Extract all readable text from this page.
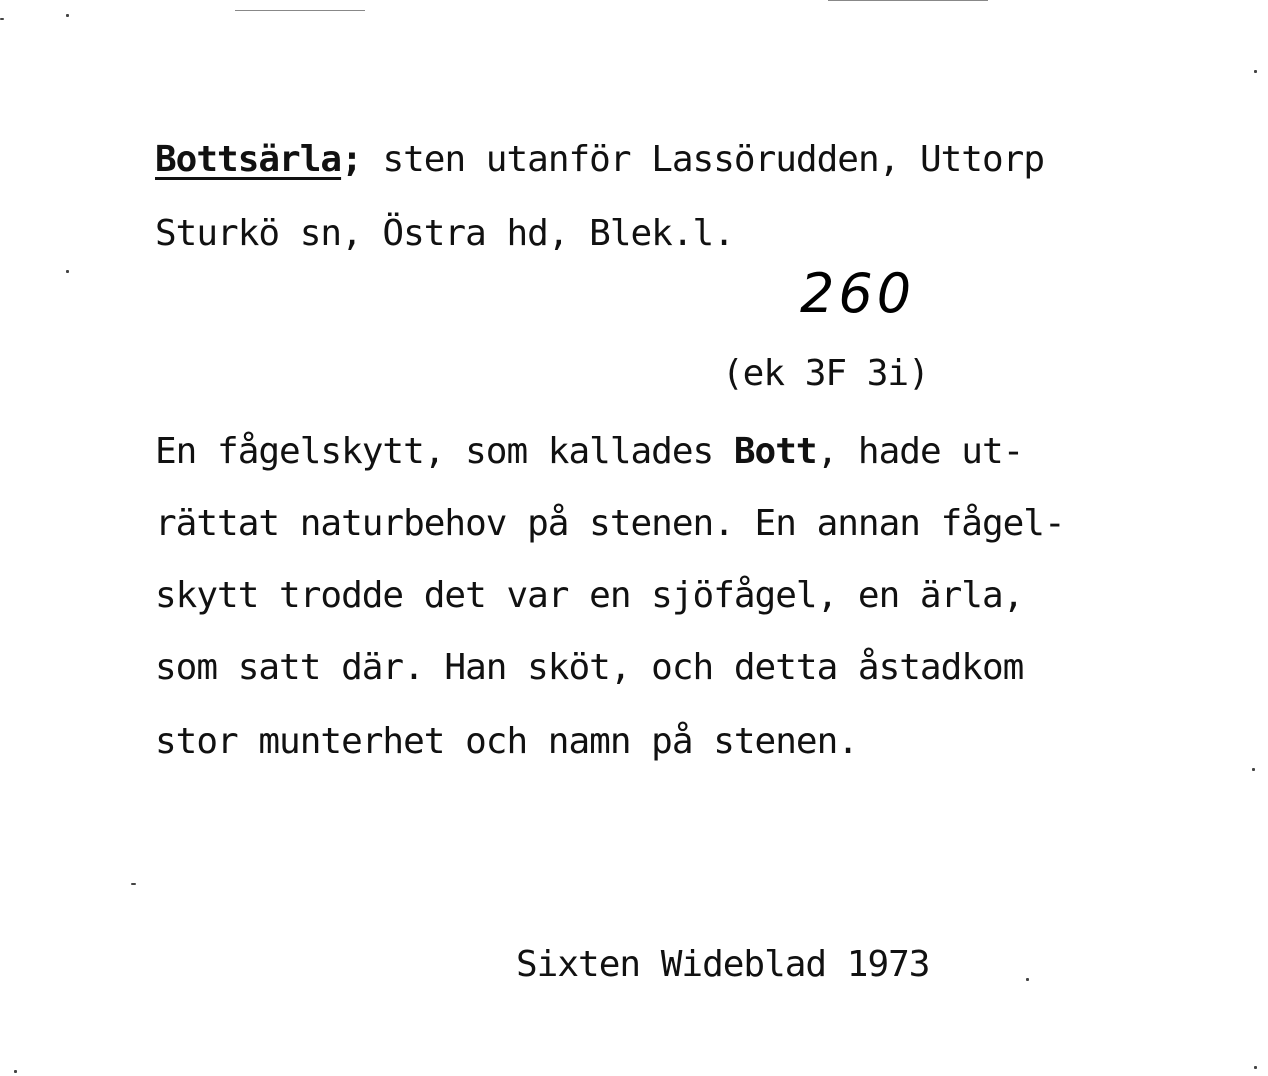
Bottsärla; sten utanför Lassörudden, Uttorp
Sturkö sn, Östra hd, Blek.l.
260
(ek 3F 3i)
En fågelskytt, som kallades Bott, hade ut-
rättat naturbehov på stenen. En annan fågel-
skytt trodde det var en sjöfågel, en ärla,
som satt där. Han sköt, och detta åstadkom
stor munterhet och namn på stenen.
Sixten Wideblad 1973
